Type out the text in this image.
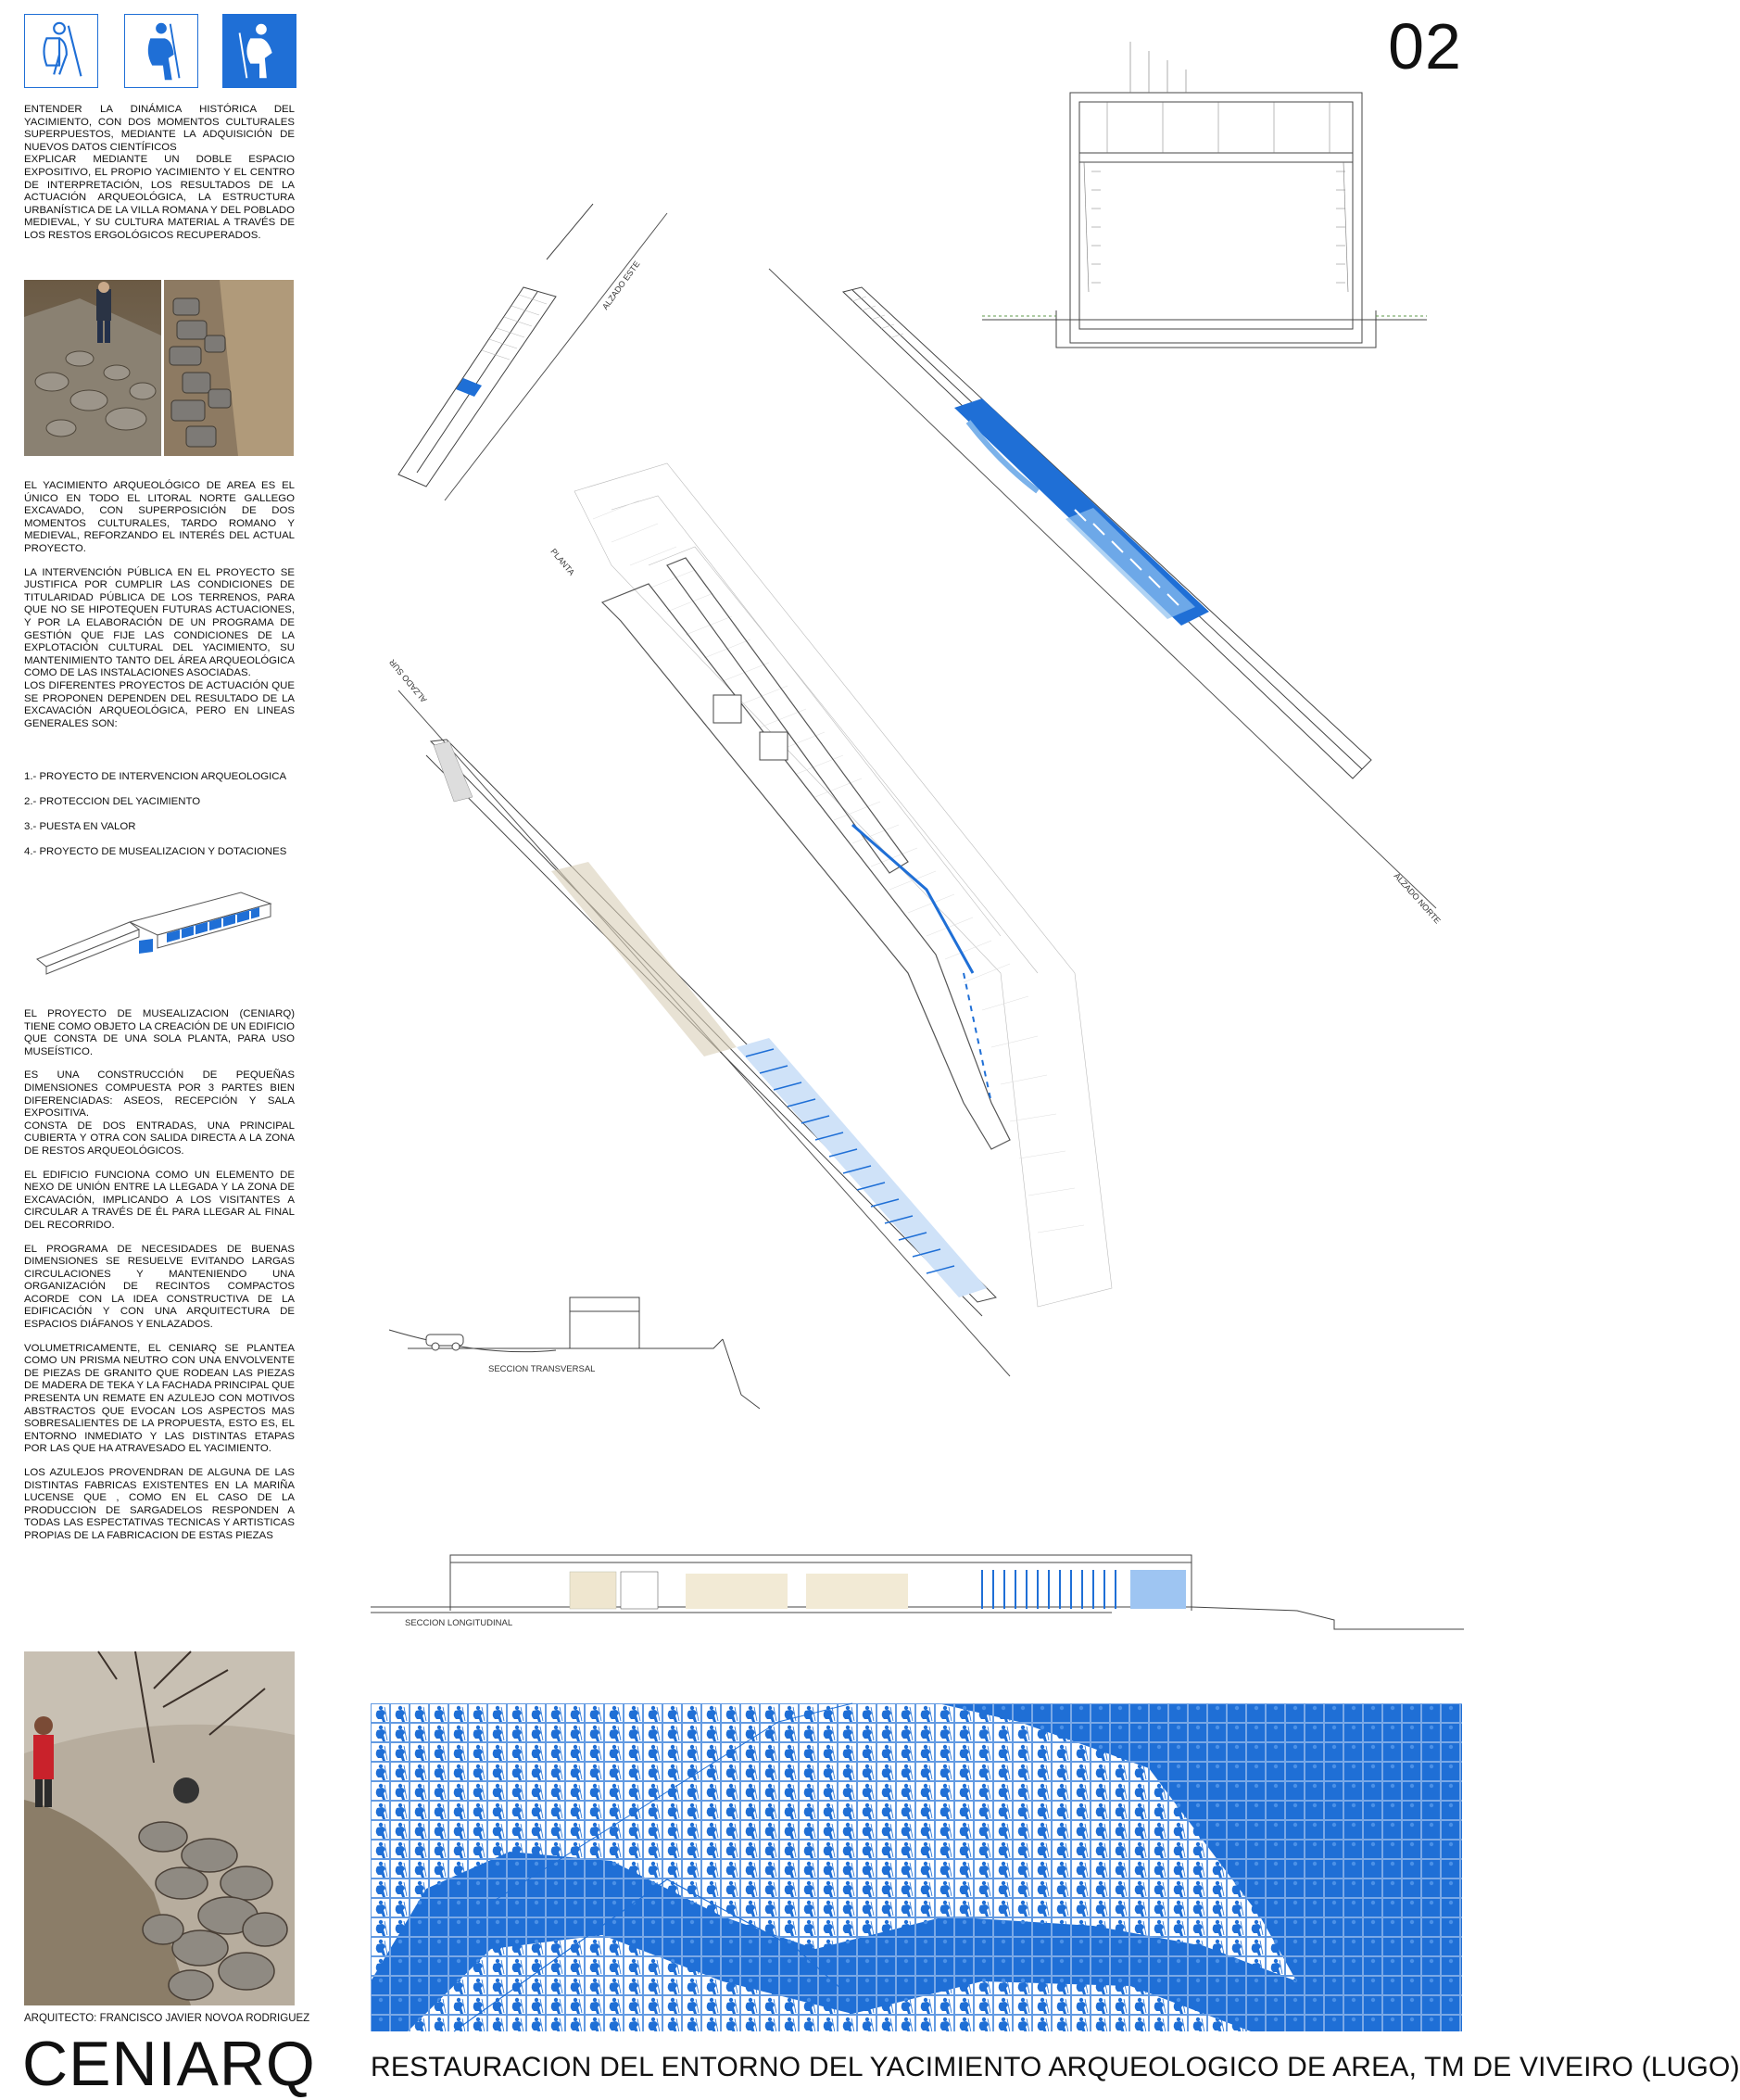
02

ENTENDER LA DINÁMICA HISTÓRICA DEL YACIMIENTO, CON DOS MOMENTOS CULTURALES SUPERPUESTOS, MEDIANTE LA ADQUISICIÓN DE NUEVOS DATOS CIENTÍFICOS

EXPLICAR MEDIANTE UN DOBLE ESPACIO EXPOSITIVO, EL PROPIO YACIMIENTO Y EL CENTRO DE INTERPRETACIÓN, LOS RESULTADOS DE LA ACTUACIÓN ARQUEOLÓGICA, LA ESTRUCTURA URBANÍSTICA DE LA VILLA ROMANA Y DEL POBLADO MEDIEVAL, Y SU CULTURA MATERIAL A TRAVÉS DE LOS RESTOS ERGOLÓGICOS RECUPERADOS.

EL YACIMIENTO ARQUEOLÓGICO DE AREA ES EL ÚNICO EN TODO EL LITORAL NORTE GALLEGO EXCAVADO, CON SUPERPOSICIÓN DE DOS MOMENTOS CULTURALES, TARDO ROMANO Y MEDIEVAL, REFORZANDO EL INTERÉS DEL ACTUAL PROYECTO.

LA INTERVENCIÓN PÚBLICA EN EL PROYECTO SE JUSTIFICA POR CUMPLIR LAS CONDICIONES DE TITULARIDAD PÚBLICA DE LOS TERRENOS, PARA QUE NO SE HIPOTEQUEN FUTURAS ACTUACIONES, Y POR LA ELABORACIÓN DE UN PROGRAMA DE GESTIÓN QUE FIJE LAS CONDICIONES DE LA EXPLOTACIÓN CULTURAL DEL YACIMIENTO, SU MANTENIMIENTO TANTO DEL ÁREA ARQUEOLÓGICA COMO DE LAS INSTALACIONES ASOCIADAS.

LOS DIFERENTES PROYECTOS DE ACTUACIÓN QUE SE PROPONEN DEPENDEN DEL RESULTADO DE LA EXCAVACIÓN ARQUEOLÓGICA, PERO EN LINEAS GENERALES SON:

1.- PROYECTO DE INTERVENCION ARQUEOLOGICA
2.- PROTECCION DEL YACIMIENTO
3.- PUESTA EN VALOR
4.- PROYECTO DE MUSEALIZACION Y DOTACIONES

EL PROYECTO DE MUSEALIZACION (CENIARQ) TIENE COMO OBJETO LA CREACIÓN DE UN EDIFICIO QUE CONSTA DE UNA SOLA PLANTA, PARA USO MUSEÍSTICO.

ES UNA CONSTRUCCIÓN DE PEQUEÑAS DIMENSIONES COMPUESTA POR 3 PARTES BIEN DIFERENCIADAS: ASEOS, RECEPCIÓN Y SALA EXPOSITIVA.

CONSTA DE DOS ENTRADAS, UNA PRINCIPAL CUBIERTA Y OTRA CON SALIDA DIRECTA A LA ZONA DE RESTOS ARQUEOLÓGICOS.

EL EDIFICIO FUNCIONA COMO UN ELEMENTO DE NEXO DE UNIÓN ENTRE LA LLEGADA Y LA ZONA DE EXCAVACIÓN, IMPLICANDO A LOS VISITANTES A CIRCULAR A TRAVÉS DE ÉL PARA LLEGAR AL FINAL DEL RECORRIDO.

EL PROGRAMA DE NECESIDADES DE BUENAS DIMENSIONES SE RESUELVE EVITANDO LARGAS CIRCULACIONES Y MANTENIENDO UNA ORGANIZACIÓN DE RECINTOS COMPACTOS ACORDE CON LA IDEA CONSTRUCTIVA DE LA EDIFICACIÓN Y CON UNA ARQUITECTURA DE ESPACIOS DIÁFANOS Y ENLAZADOS.

VOLUMETRICAMENTE, EL CENIARQ SE PLANTEA COMO UN PRISMA NEUTRO CON UNA ENVOLVENTE DE PIEZAS DE GRANITO QUE RODEAN LAS PIEZAS DE MADERA DE TEKA Y LA FACHADA PRINCIPAL QUE PRESENTA UN REMATE EN AZULEJO CON MOTIVOS ABSTRACTOS QUE EVOCAN LOS ASPECTOS MAS SOBRESALIENTES DE LA PROPUESTA, ESTO ES, EL ENTORNO INMEDIATO Y LAS DISTINTAS ETAPAS POR LAS QUE HA ATRAVESADO EL YACIMIENTO.

LOS AZULEJOS PROVENDRAN DE ALGUNA DE LAS DISTINTAS FABRICAS EXISTENTES EN LA MARIÑA LUCENSE QUE , COMO EN EL CASO DE LA PRODUCCION DE SARGADELOS RESPONDEN A TODAS LAS ESPECTATIVAS TECNICAS Y ARTISTICAS PROPIAS DE LA FABRICACION DE ESTAS PIEZAS

ARQUITECTO: FRANCISCO JAVIER NOVOA RODRIGUEZ
CENIARQ
ALZADO ESTE
PLANTA
ALZADO SUR
ALZADO NORTE
SECCION TRANSVERSAL
SECCION LONGITUDINAL
RESTAURACION DEL ENTORNO DEL YACIMIENTO ARQUEOLOGICO DE AREA, TM DE VIVEIRO (LUGO)
